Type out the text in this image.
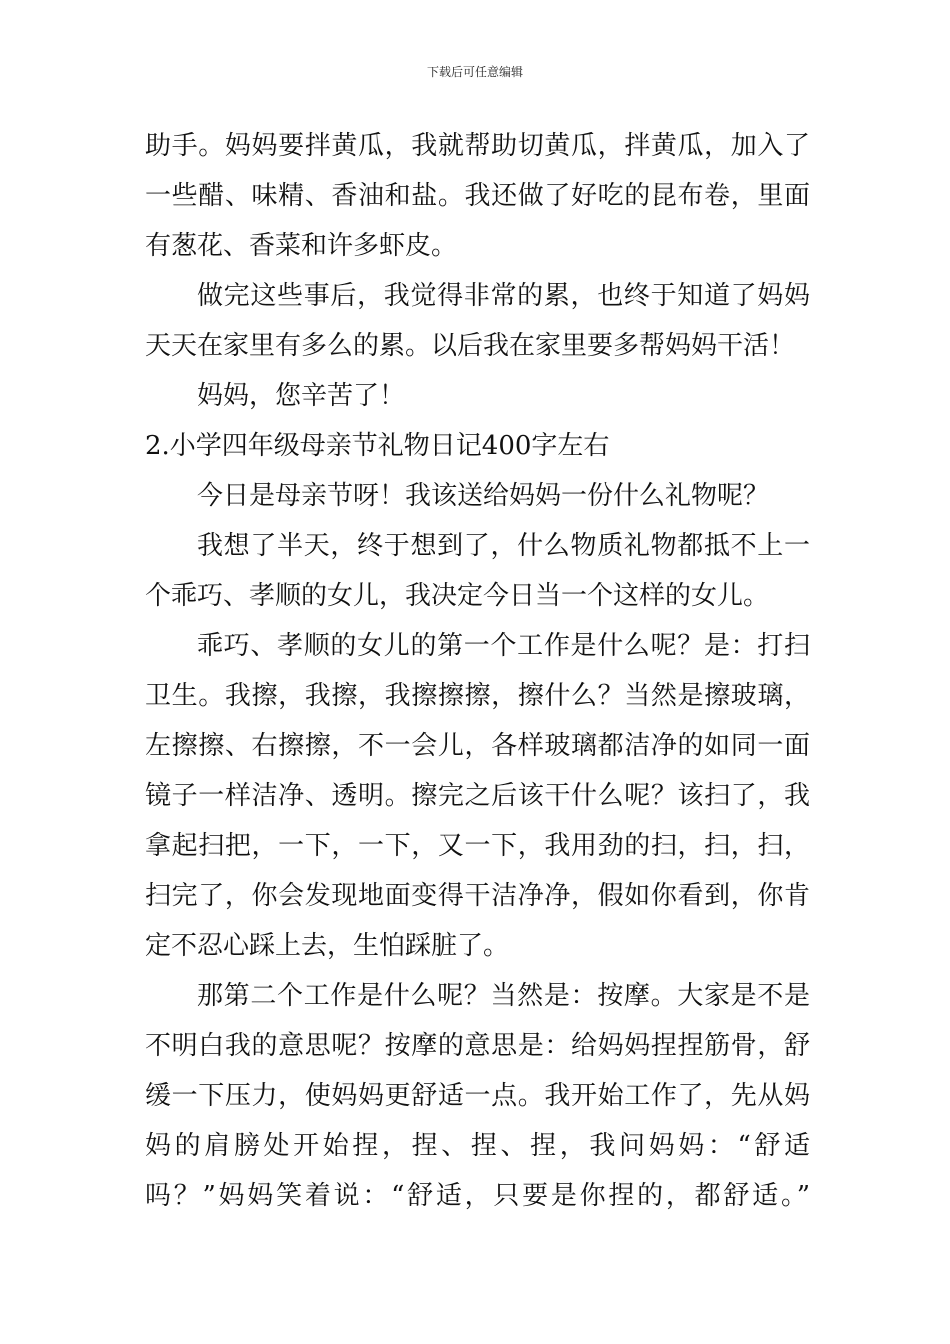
下载后可任意编辑
助手。妈妈要拌黄瓜，我就帮助切黄瓜，拌黄瓜，加入了
一些醋、味精、香油和盐。我还做了好吃的昆布卷，里面
有葱花、香菜和许多虾皮。
做完这些事后，我觉得非常的累，也终于知道了妈妈
天天在家里有多么的累。以后我在家里要多帮妈妈干活！
妈妈，您辛苦了！
2.小学四年级母亲节礼物日记400字左右
今日是母亲节呀！我该送给妈妈一份什么礼物呢？
我想了半天，终于想到了，什么物质礼物都抵不上一
个乖巧、孝顺的女儿，我决定今日当一个这样的女儿。
乖巧、孝顺的女儿的第一个工作是什么呢？是：打扫
卫生。我擦，我擦，我擦擦擦，擦什么？当然是擦玻璃，
左擦擦、右擦擦，不一会儿，各样玻璃都洁净的如同一面
镜子一样洁净、透明。擦完之后该干什么呢？该扫了，我
拿起扫把，一下，一下，又一下，我用劲的扫，扫，扫，
扫完了，你会发现地面变得干洁净净，假如你看到，你肯
定不忍心踩上去，生怕踩脏了。
那第二个工作是什么呢？当然是：按摩。大家是不是
不明白我的意思呢？按摩的意思是：给妈妈捏捏筋骨，舒
缓一下压力，使妈妈更舒适一点。我开始工作了，先从妈
妈的肩膀处开始捏，捏、捏、捏，我问妈妈：“舒适
吗？”妈妈笑着说：“舒适，只要是你捏的，都舒适。”
